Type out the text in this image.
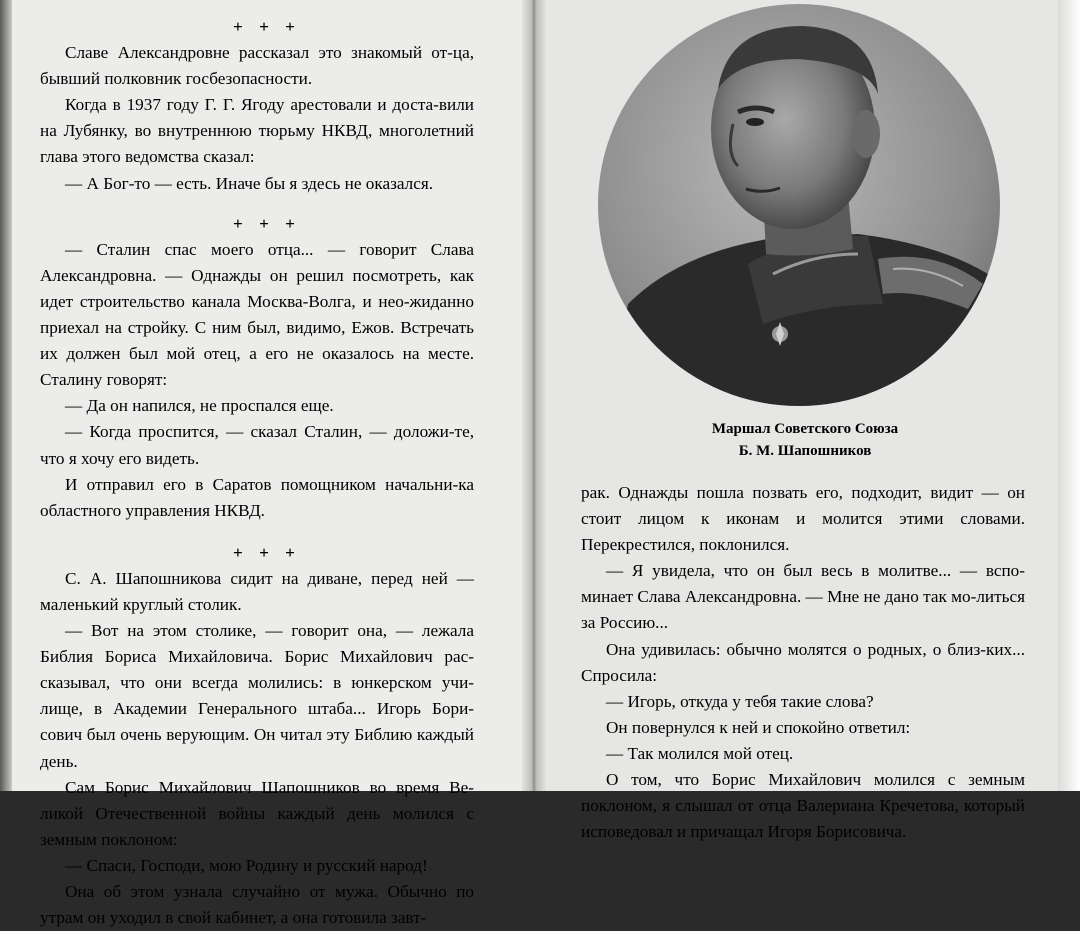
+ + +

Славе Александровне рассказал это знакомый от-ца, бывший полковник госбезопасности.

Когда в 1937 году Г. Г. Ягоду арестовали и доста-вили на Лубянку, во внутреннюю тюрьму НКВД, многолетний глава этого ведомства сказал:

— А Бог-то — есть. Иначе бы я здесь не оказался.

+ + +

— Сталин спас моего отца... — говорит Слава Александровна. — Однажды он решил посмотреть, как идет строительство канала Москва-Волга, и нео-жиданно приехал на стройку. С ним был, видимо, Ежов. Встречать их должен был мой отец, а его не оказалось на месте. Сталину говорят:

— Да он напился, не проспался еще.

— Когда проспится, — сказал Сталин, — доложи-те, что я хочу его видеть.

И отправил его в Саратов помощником начальни-ка областного управления НКВД.

+ + +

С. А. Шапошникова сидит на диване, перед ней — маленький круглый столик.

— Вот на этом столике, — говорит она, — лежала Библия Бориса Михайловича. Борис Михайлович рас-сказывал, что они всегда молились: в юнкерском учи-лище, в Академии Генерального штаба... Игорь Бори-сович был очень верующим. Он читал эту Библию каждый день.

Сам Борис Михайлович Шапошников во время Ве-ликой Отечественной войны каждый день молился с земным поклоном:

— Спаси, Господи, мою Родину и русский народ!

Она об этом узнала случайно от мужа. Обычно по утрам он уходил в свой кабинет, а она готовила завт-

Маршал Советского Союза
Б. М. Шапошников

рак. Однажды пошла позвать его, подходит, видит — он стоит лицом к иконам и молится этими словами. Перекрестился, поклонился.

— Я увидела, что он был весь в молитве... — вспо-минает Слава Александровна. — Мне не дано так мо-литься за Россию...

Она удивилась: обычно молятся о родных, о близ-ких... Спросила:

— Игорь, откуда у тебя такие слова?

Он повернулся к ней и спокойно ответил:

— Так молился мой отец.

О том, что Борис Михайлович молился с земным поклоном, я слышал от отца Валериана Кречетова, который исповедовал и причащал Игоря Борисовича.
